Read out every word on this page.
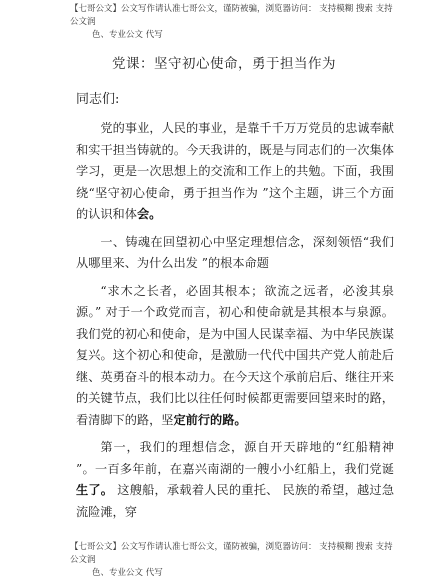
【七哥公文】公文写作请认准七哥公文，谨防被骗，浏览器访问： 支持模糊 搜索 支持公文润
色、专业公文 代写
党课：坚守初心使命，勇于担当作为
同志们:

党的事业，人民的事业，是靠千千万万党员的忠诚奉献和实干担当铸就的。今天我讲的，既是与同志们的一次集体学习，更是一次思想上的交流和工作上的共勉。下面，我围绕“坚守初心使命，勇于担当作为 ”这个主题，讲三个方面的认识和体会。

一、铸魂在回望初心中坚定理想信念，深刻领悟“我们从哪里来、为什么出发 ”的根本命题

“求木之长者，必固其根本；欲流之远者，必浚其泉源。” 对于一个政党而言，初心和使命就是其根本与泉源。我们党的初心和使命，是为中国人民谋幸福、为中华民族谋复兴。这个初心和使命，是激励一代代中国共产党人前赴后继、英勇奋斗的根本动力。在今天这个承前启后、继往开来的关键节点，我们比以往任何时候都更需要回望来时的路，看清脚下的路，坚定前行的路。

第一，我们的理想信念，源自开天辟地的“红船精神 ”。一百多年前，在嘉兴南湖的一艘小小红船上，我们党诞生了。 这艘船，承载着人民的重托、 民族的希望，越过急流险滩，穿

【七哥公文】公文写作请认准七哥公文，谨防被骗，浏览器访问： 支持模糊 搜索 支持公文润
色、专业公文 代写
